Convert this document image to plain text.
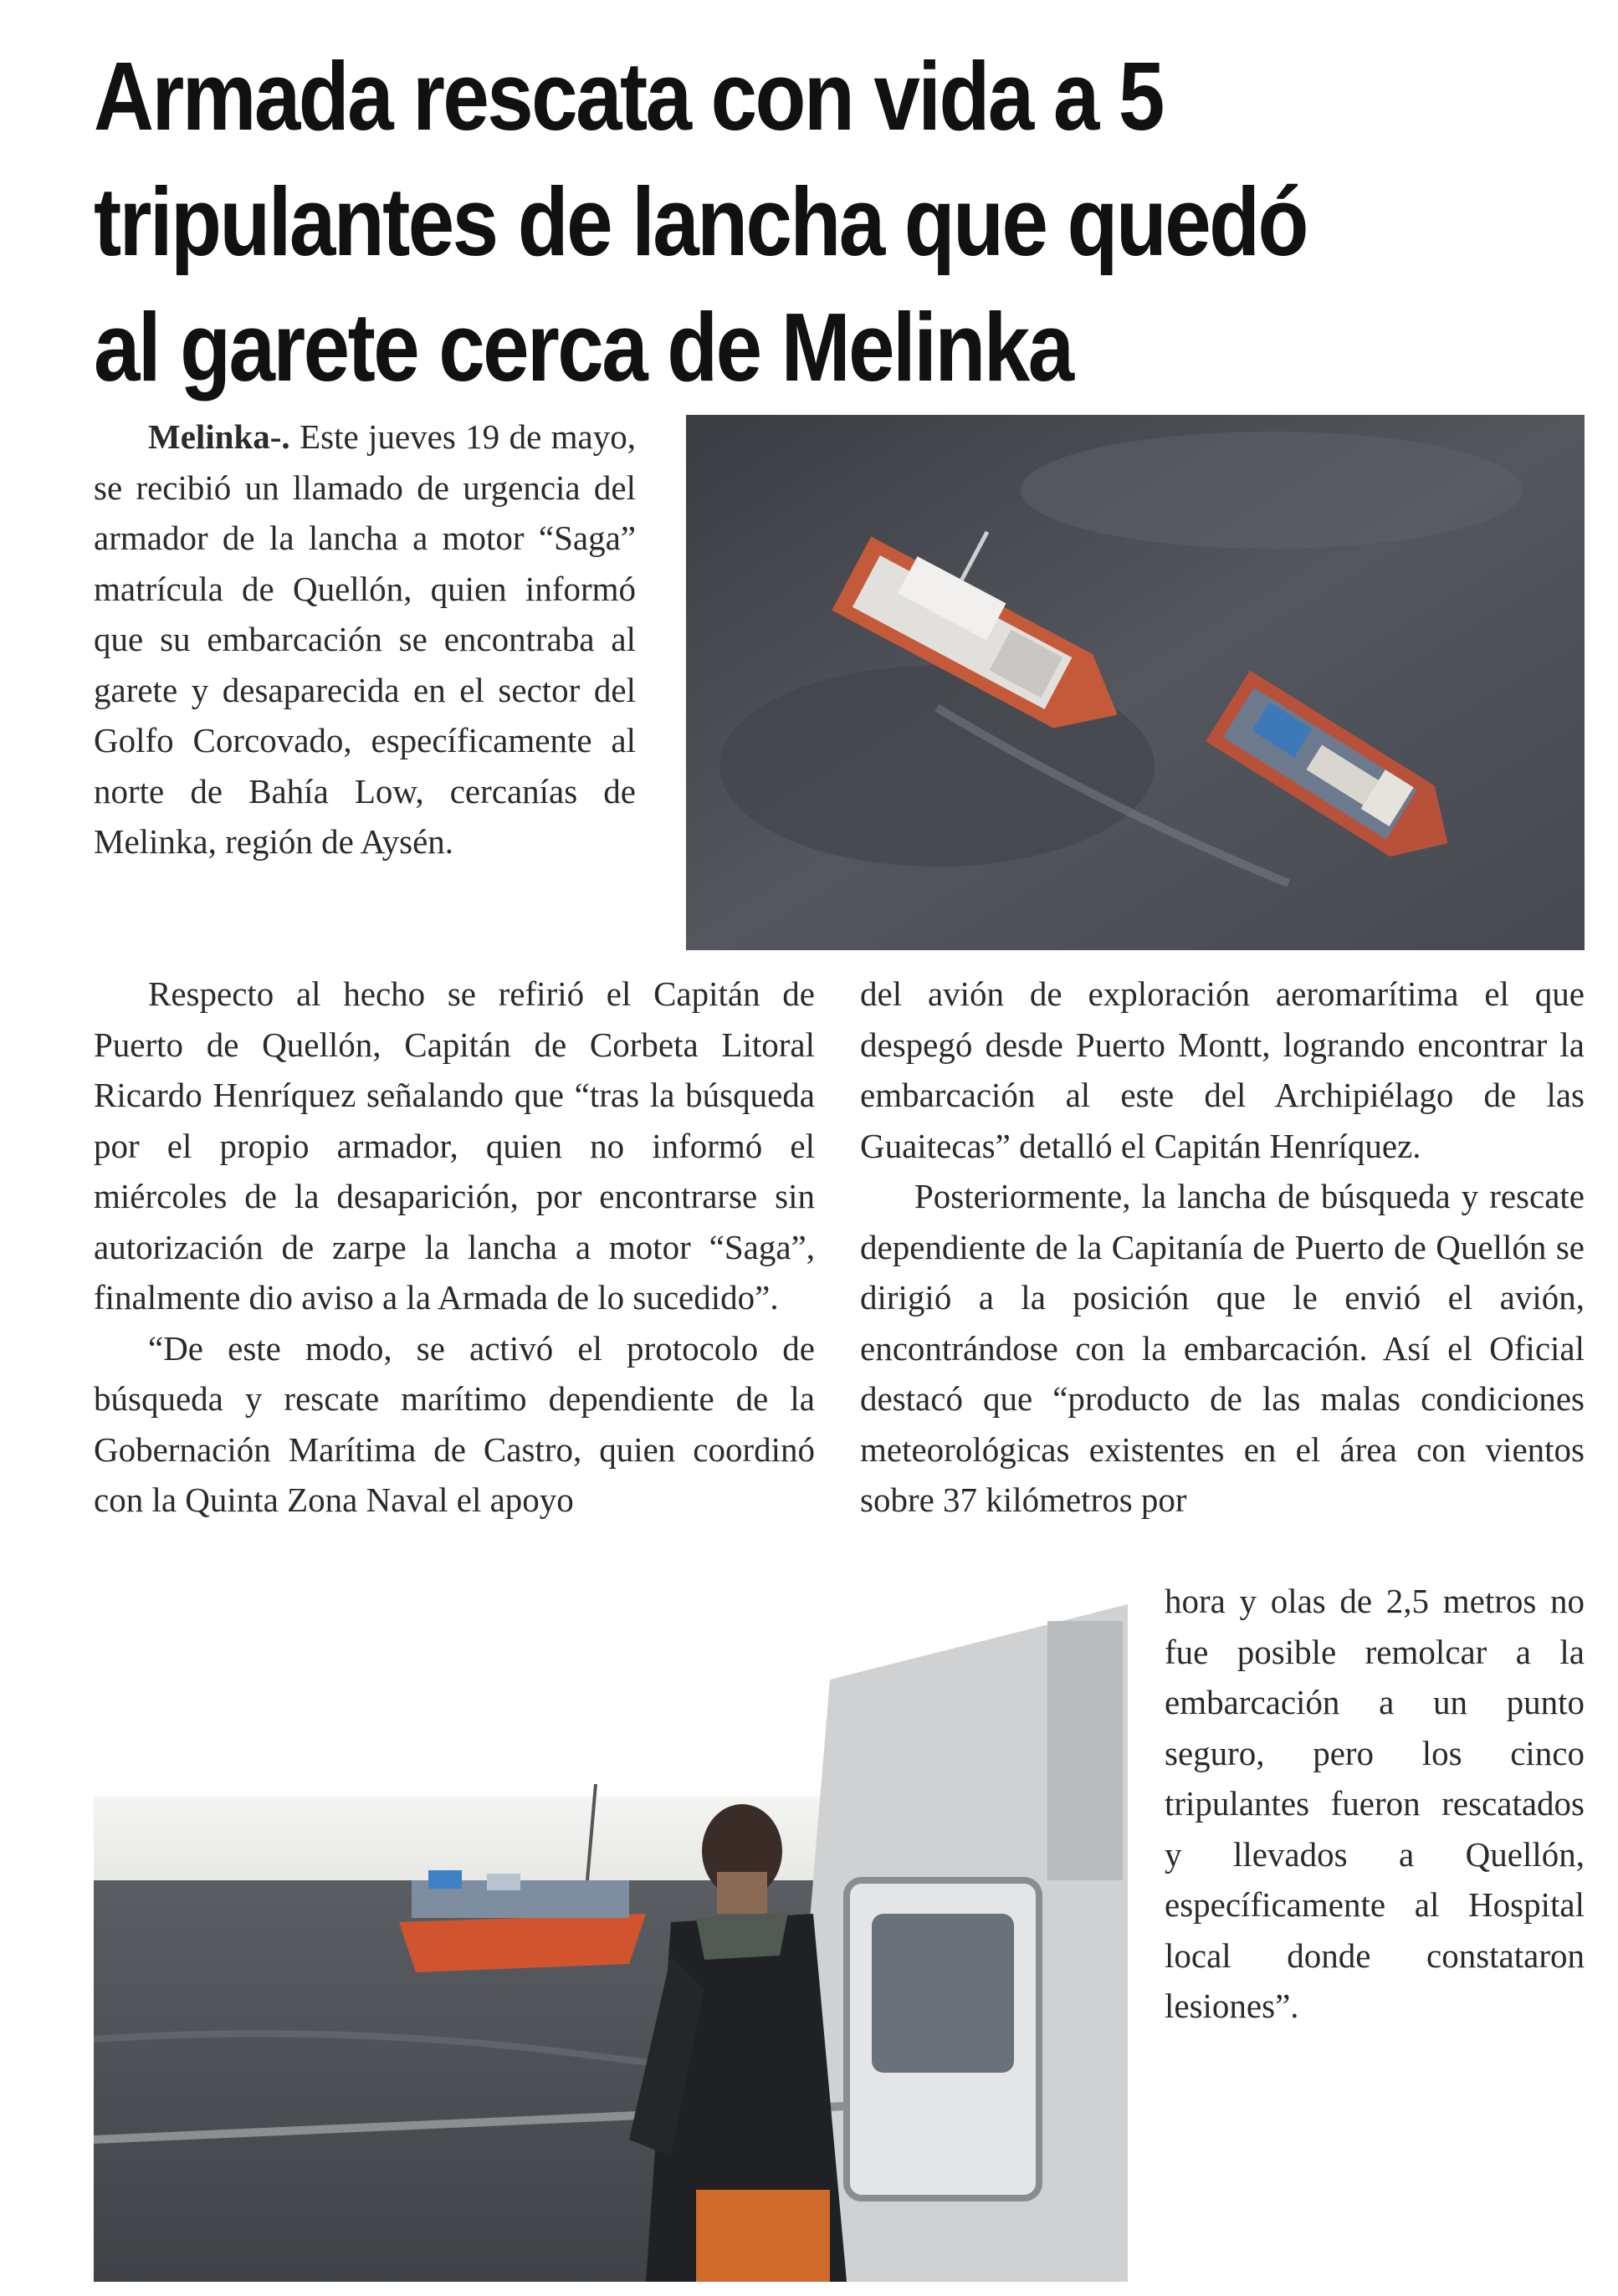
Armada rescata con vida a 5 tripulantes de lancha que quedó al garete cerca de Melinka

Melinka-. Este jueves 19 de mayo, se recibió un llamado de urgencia del armador de la lancha a motor “Saga” matrícula de Quellón, quien informó que su embarcación se encontraba al garete y desaparecida en el sector del Golfo Corcovado, específicamente al norte de Bahía Low, cercanías de Melinka, región de Aysén.

Respecto al hecho se refirió el Capitán de Puerto de Quellón, Capitán de Corbeta Litoral Ricardo Henríquez señalando que “tras la búsqueda por el propio armador, quien no informó el miércoles de la desaparición, por encontrarse sin autorización de zarpe la lancha a motor “Saga”, finalmente dio aviso a la Armada de lo sucedido”.

“De este modo, se activó el protocolo de búsqueda y rescate marítimo dependiente de la Gobernación Marítima de Castro, quien coordinó con la Quinta Zona Naval el apoyo

del avión de exploración aeromarítima el que despegó desde Puerto Montt, logrando encontrar la embarcación al este del Archipiélago de las Guaitecas” detalló el Capitán Henríquez.

Posteriormente, la lancha de búsqueda y rescate dependiente de la Capitanía de Puerto de Quellón se dirigió a la posición que le envió el avión, encontrándose con la embarcación. Así el Oficial destacó que “producto de las malas condiciones meteorológicas existentes en el área con vientos sobre 37 kilómetros por

hora y olas de 2,5 metros no fue posible remolcar a la embarcación a un punto seguro, pero los cinco tripulantes fueron rescatados y llevados a Quellón, específicamente al Hospital local donde constataron lesiones”.
